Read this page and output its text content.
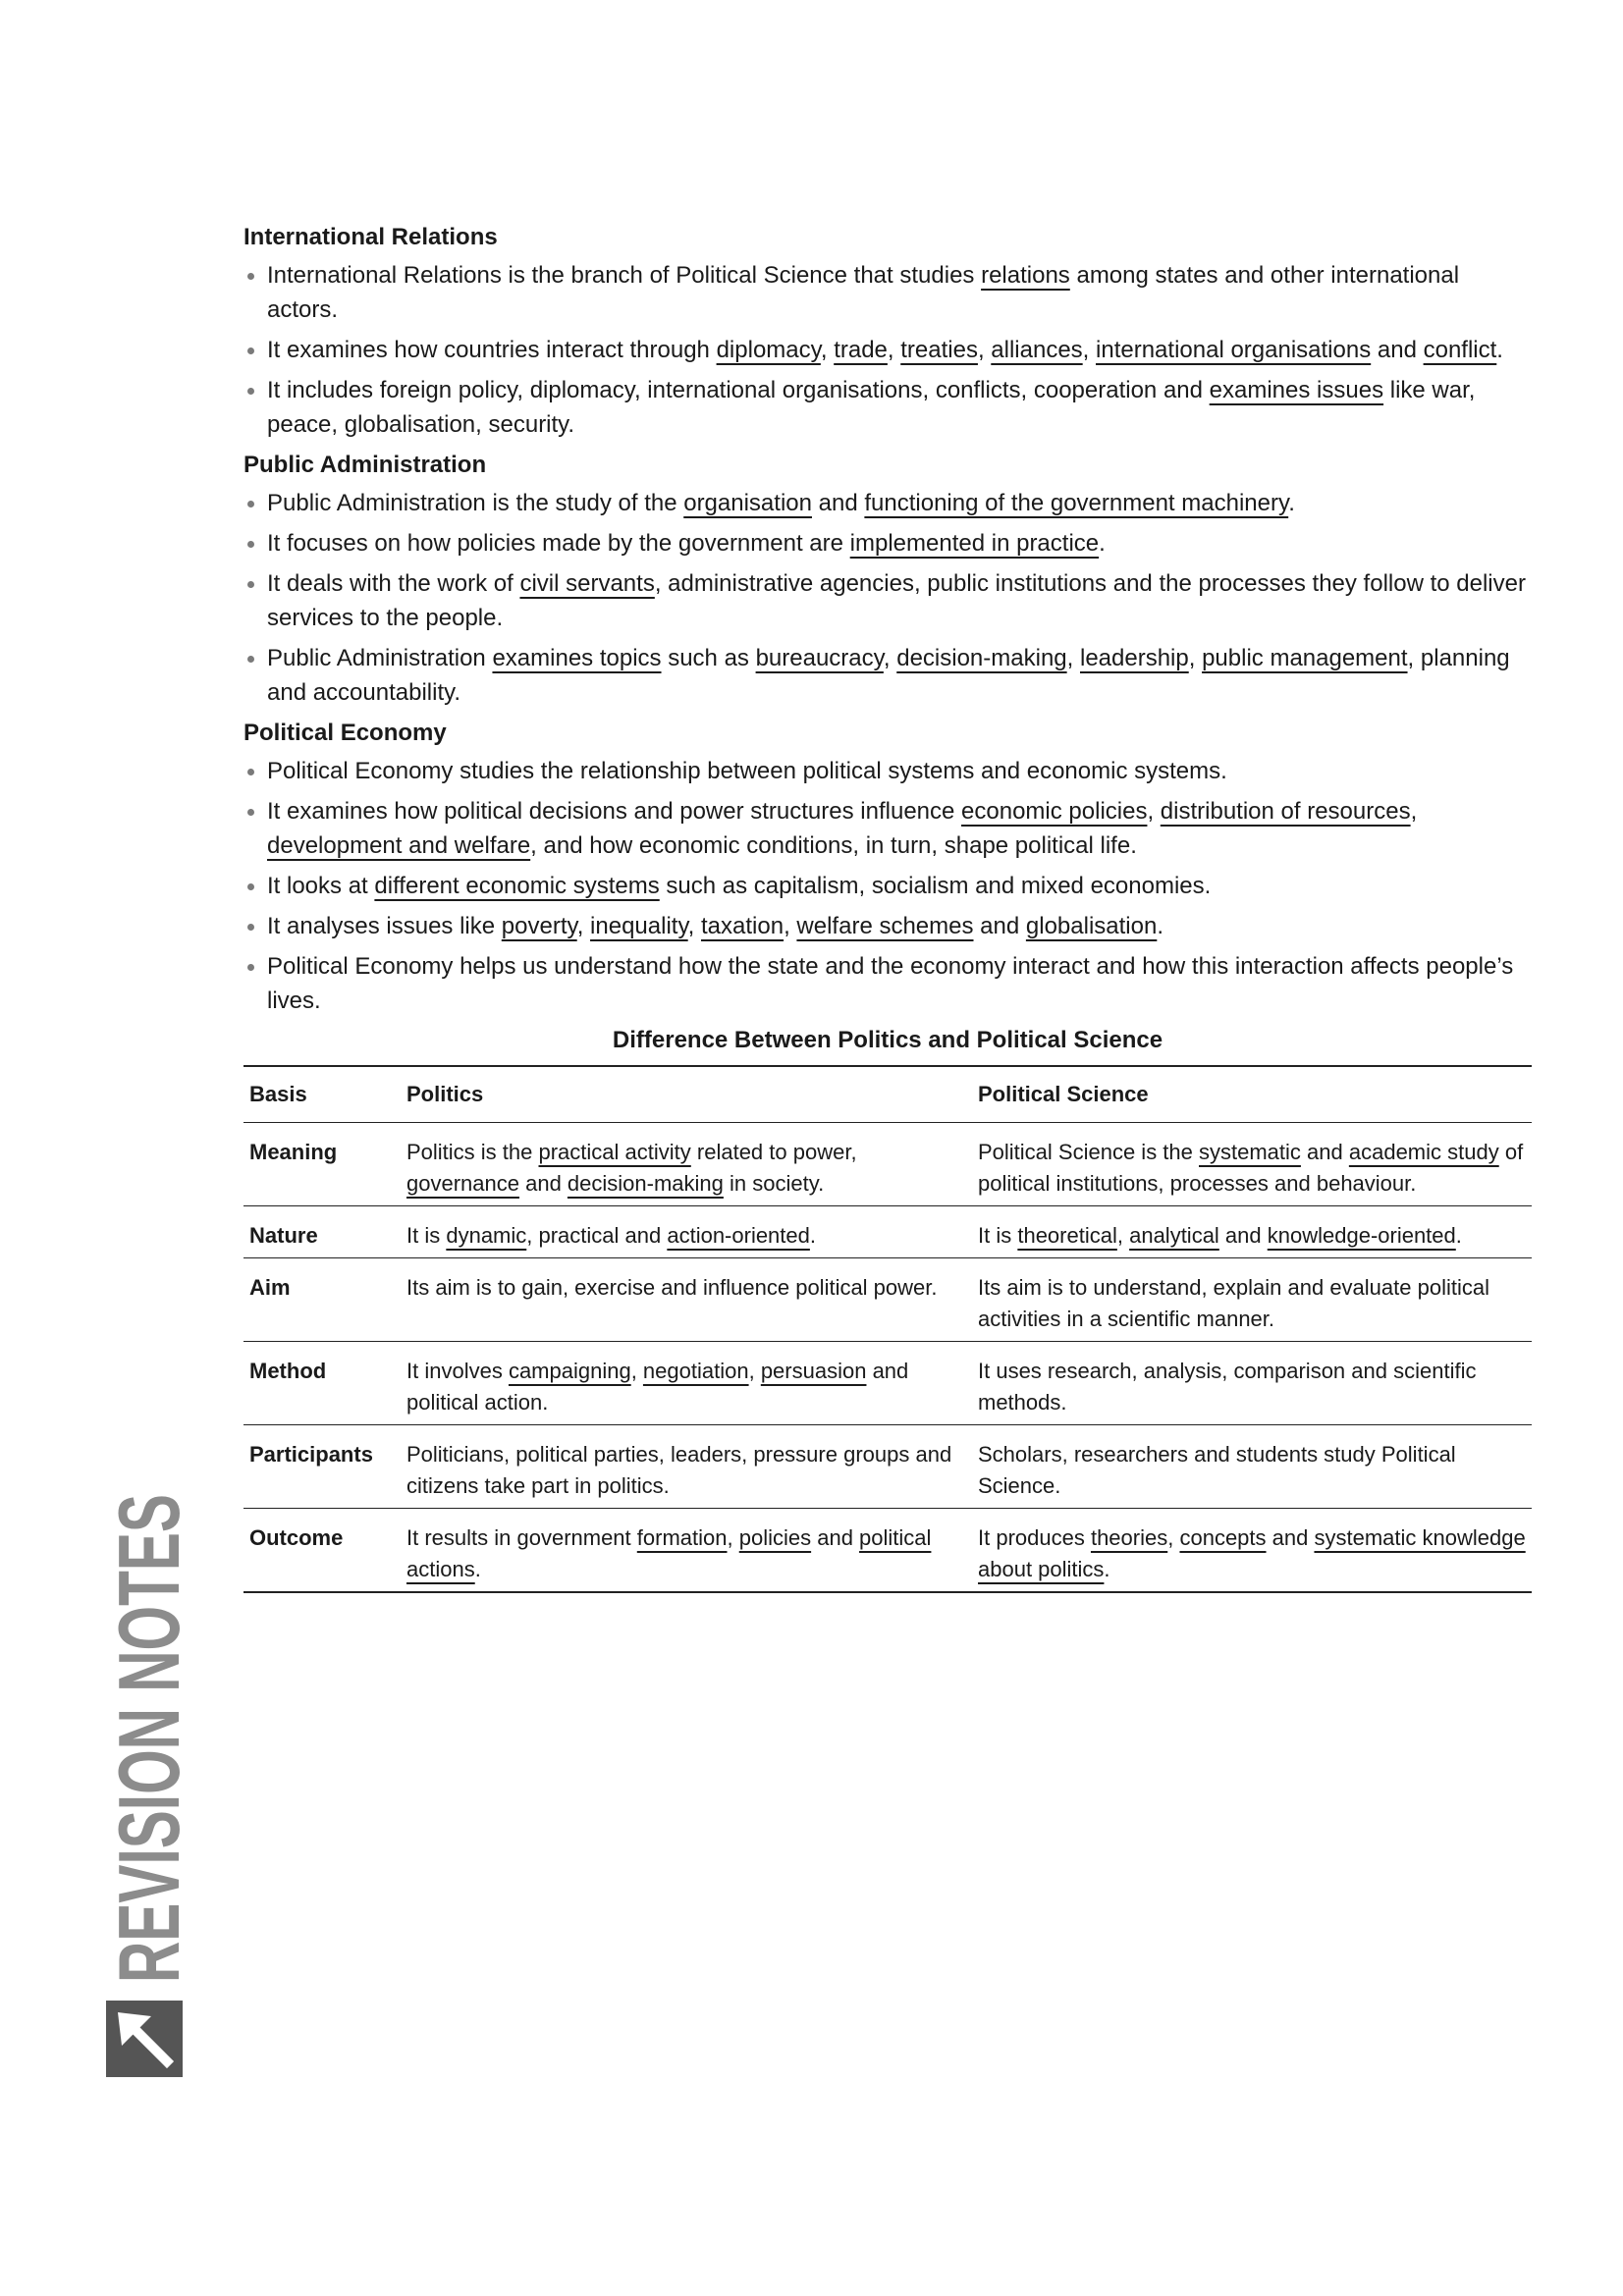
International Relations
International Relations is the branch of Political Science that studies relations among states and other international actors.
It examines how countries interact through diplomacy, trade, treaties, alliances, international organisations and conflict.
It includes foreign policy, diplomacy, international organisations, conflicts, cooperation and examines issues like war, peace, globalisation, security.
Public Administration
Public Administration is the study of the organisation and functioning of the government machinery.
It focuses on how policies made by the government are implemented in practice.
It deals with the work of civil servants, administrative agencies, public institutions and the processes they follow to deliver services to the people.
Public Administration examines topics such as bureaucracy, decision-making, leadership, public management, planning and accountability.
Political Economy
Political Economy studies the relationship between political systems and economic systems.
It examines how political decisions and power structures influence economic policies, distribution of resources, development and welfare, and how economic conditions, in turn, shape political life.
It looks at different economic systems such as capitalism, socialism and mixed economies.
It analyses issues like poverty, inequality, taxation, welfare schemes and globalisation.
Political Economy helps us understand how the state and the economy interact and how this interaction affects people’s lives.
Difference Between Politics and Political Science
Basis	Politics	Political Science
Meaning	Politics is the practical activity related to power, governance and decision-making in society.	Political Science is the systematic and academic study of political institutions, processes and behaviour.
Nature	It is dynamic, practical and action-oriented.	It is theoretical, analytical and knowledge-oriented.
Aim	Its aim is to gain, exercise and influence political power.	Its aim is to understand, explain and evaluate political activities in a scientific manner.
Method	It involves campaigning, negotiation, persuasion and political action.	It uses research, analysis, comparison and scientific methods.
Participants	Politicians, political parties, leaders, pressure groups and citizens take part in politics.	Scholars, researchers and students study Political Science.
Outcome	It results in government formation, policies and political actions.	It produces theories, concepts and systematic knowledge about politics.
REVISION NOTES
